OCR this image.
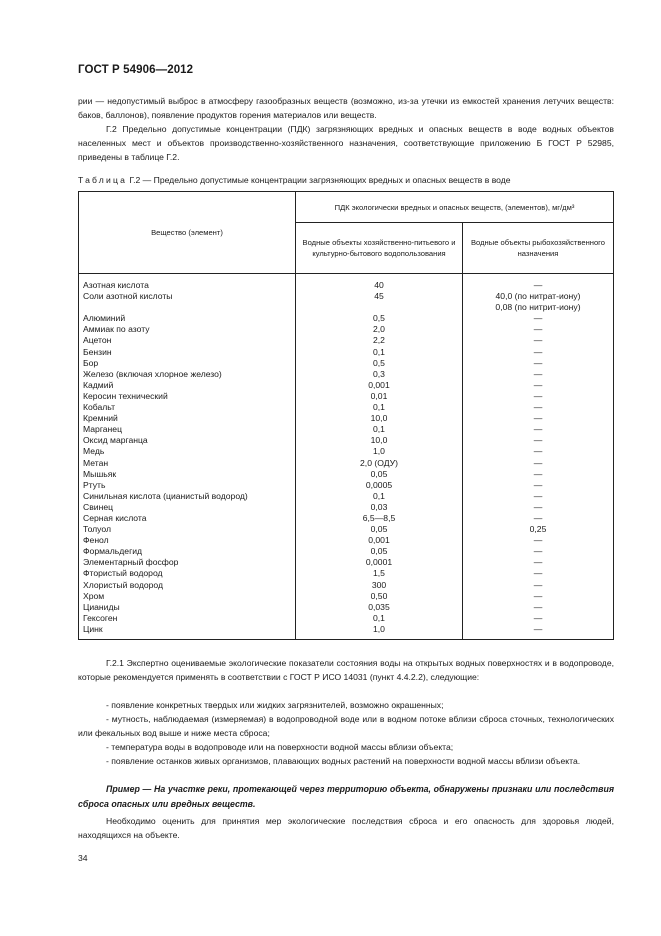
ГОСТ Р 54906—2012

рии — недопустимый выброс в атмосферу газообразных веществ (возможно, из-за утечки из емкостей хранения летучих веществ: баков, баллонов), появление продуктов горения материалов или веществ.

Г.2 Предельно допустимые концентрации (ПДК) загрязняющих вредных и опасных веществ в воде водных объектов населенных мест и объектов производственно-хозяйственного назначения, соответствующие приложению Б ГОСТ Р 52985, приведены в таблице Г.2.

Таблица Г.2 — Предельно допустимые концентрации загрязняющих вредных и опасных веществ в воде
Вещество (элемент)	ПДК экологически вредных и опасных веществ, (элементов), мг/дм³	
	Водные объекты хозяйственно-питьевого и культурно-бытового водопользования	Водные объекты рыбохозяйственного назначения
Азотная кислота	40	—
Соли азотной кислоты	45	40,0 (по нитрат-иону)
		0,08 (по нитрит-иону)
Алюминий	0,5	—
Аммиак по азоту	2,0	—
Ацетон	2,2	—
Бензин	0,1	—
Бор	0,5	—
Железо (включая хлорное железо)	0,3	—
Кадмий	0,001	—
Керосин технический	0,01	—
Кобальт	0,1	—
Кремний	10,0	—
Марганец	0,1	—
Оксид марганца	10,0	—
Медь	1,0	—
Метан	2,0 (ОДУ)	—
Мышьяк	0,05	—
Ртуть	0,0005	—
Синильная кислота (цианистый водород)	0,1	—
Свинец	0,03	—
Серная кислота	6,5—8,5	—
Толуол	0,05	0,25
Фенол	0,001	—
Формальдегид	0,05	—
Элементарный фосфор	0,0001	—
Фтористый водород	1,5	—
Хлористый водород	300	—
Хром	0,50	—
Цианиды	0,035	—
Гексоген	0,1	—
Цинк	1,0	—

Г.2.1 Экспертно оцениваемые экологические показатели состояния воды на открытых водных поверхностях и в водопроводе, которые рекомендуется применять в соответствии с ГОСТ Р ИСО 14031 (пункт 4.4.2.2), следующие:

- появление конкретных твердых или жидких загрязнителей, возможно окрашенных;

- мутность, наблюдаемая (измеряемая) в водопроводной воде или в водном потоке вблизи сброса сточных, технологических или фекальных вод выше и ниже места сброса;

- температура воды в водопроводе или на поверхности водной массы вблизи объекта;

- появление останков живых организмов, плавающих водных растений на поверхности водной массы вблизи объекта.

Пример — На участке реки, протекающей через территорию объекта, обнаружены признаки или последствия сброса опасных или вредных веществ.

Необходимо оценить для принятия мер экологические последствия сброса и его опасность для здоровья людей, находящихся на объекте.

34
